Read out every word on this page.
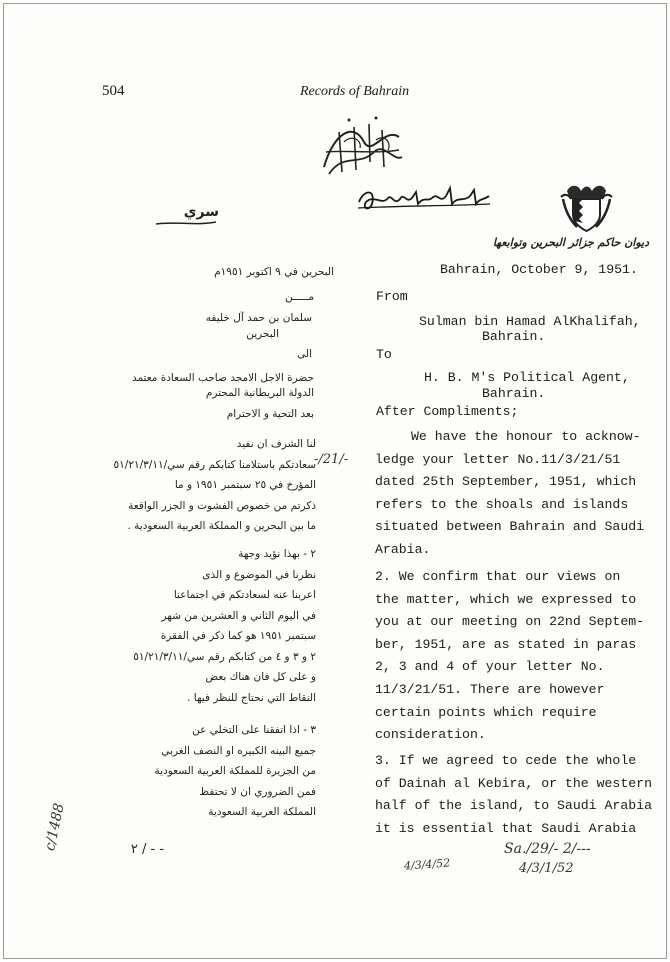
504	Records of Bahrain
ديوان حاكم جزائر البحرين وتوابعها
سري
Bahrain, October 9, 1951.
From
Sulman bin Hamad AlKhalifah,
Bahrain.
To
H. B. M's Political Agent,
Bahrain.
After Compliments;
We have the honour to acknow-
ledge your letter No.11/3/21/51
dated 25th September, 1951, which
refers to the shoals and islands
situated between Bahrain and Saudi
Arabia.
2. We confirm that our views on
the matter, which we expressed to
you at our meeting on 22nd Septem-
ber, 1951, are as stated in paras
2, 3 and 4 of your letter No.
11/3/21/51. There are however
certain points which require
consideration.
3. If we agreed to cede the whole
of Dainah al Kebira, or the western
half of the island, to Saudi Arabia
it is essential that Saudi Arabia
البحرين في ٩ اكتوبر ١٩٥١م
مـــــن
سلمان بن حمد آل خليفه
البحرين
الى
حضرة الاجل الامجد صاحب السعادة معتمد
الدولة البريطانية المحترم
بعد التحية و الاحترام
لنا الشرف ان نفيد
سعادتكم باستلامنا كتابكم رقم سي/٥١/٢١/٣/١١
المؤرخ في ٢٥ سبتمبر ١٩٥١ و ما
ذكرتم من خصوص الفشوت و الجزر الواقعة
ما بين البحرين و المملكة العربية السعودية .
٢ - بهذا نؤيد وجهة
نظرنا في الموضوع و الذى
اعربنا عنه لسعادتكم في اجتماعنا
في اليوم الثاني و العشرين من شهر
سبتمبر ١٩٥١ هو كما ذكر في الفقرة
٢ و ٣ و ٤ من كتابكم رقم سي/٥١/٢١/٣/١١
و على كل فان هناك بعض
النقاط التي نحتاج للنظر فيها .
٣ - اذا اتفقنا على التخلي عن
جميع البينه الكبيره او النصف الغربي
من الجزيرة للمملكة العربية السعودية
فمن الضروري ان لا تحتفظ
المملكة العربية السعودية
- - / ٢
-/21/-
c/1488	Sa./29/- 2/---
4/3/1/52
4/3/4/52
